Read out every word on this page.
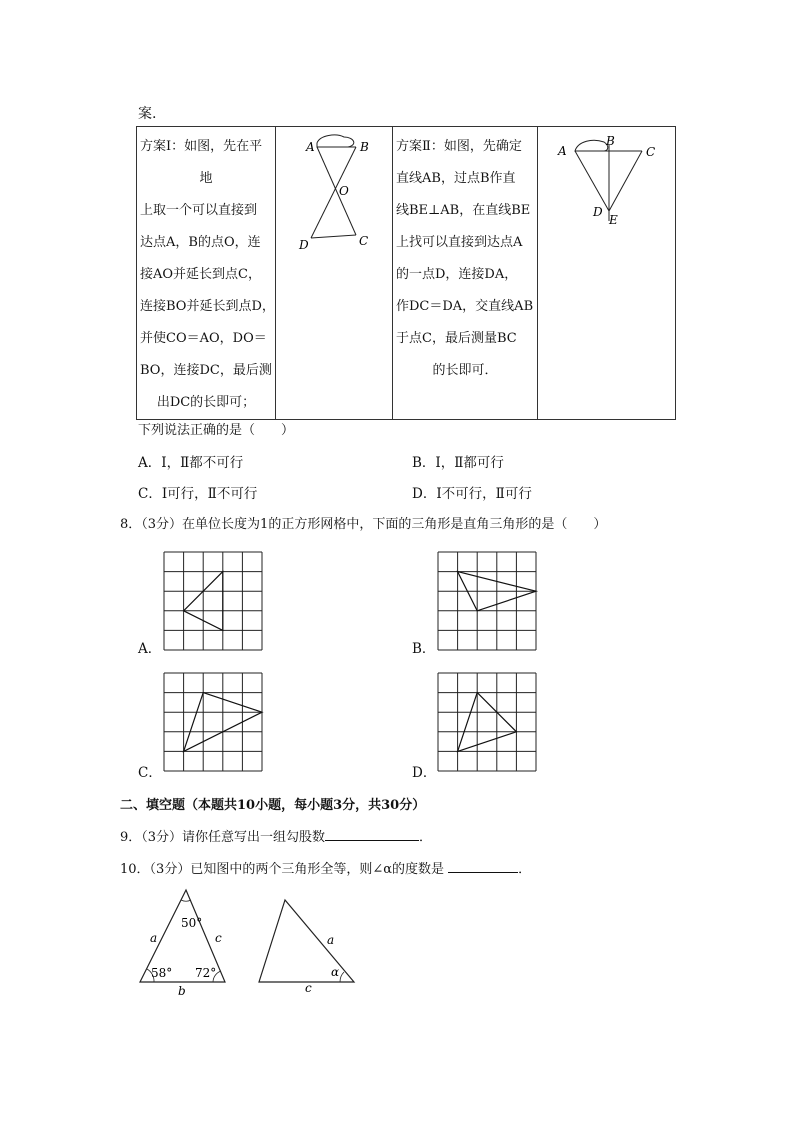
案.
方案Ⅰ：如图，先在平
地
上取一个可以直接到
达点A，B的点O，连
接AO并延长到点C，
连接BO并延长到点D，
并使CO＝AO，DO＝
BO，连接DC，最后测
出DC的长即可；

A	B
O
C
D

方案Ⅱ：如图，先确定
直线AB，过点B作直
线BE⊥AB，在直线BE
上找可以直接到达点A
的一点D，连接DA，
作DC＝DA，交直线AB
于点C，最后测量BC
的长即可．

A
B
C
D
E
下列说法正确的是（　　）
A．Ⅰ，Ⅱ都不可行	B．Ⅰ，Ⅱ都可行
C．Ⅰ可行，Ⅱ不可行	D．Ⅰ不可行，Ⅱ可行
8．（3分）在单位长度为1的正方形网格中，下面的三角形是直角三角形的是（　　）
A．	B．
C．	D．
二、填空题（本题共10小题，每小题3分，共30分）
9．（3分）请你任意写出一组勾股数	．
10．（3分）已知图中的两个三角形全等，则∠α的度数是	．
50°
58° 72°
a	c
b
a
c
α
